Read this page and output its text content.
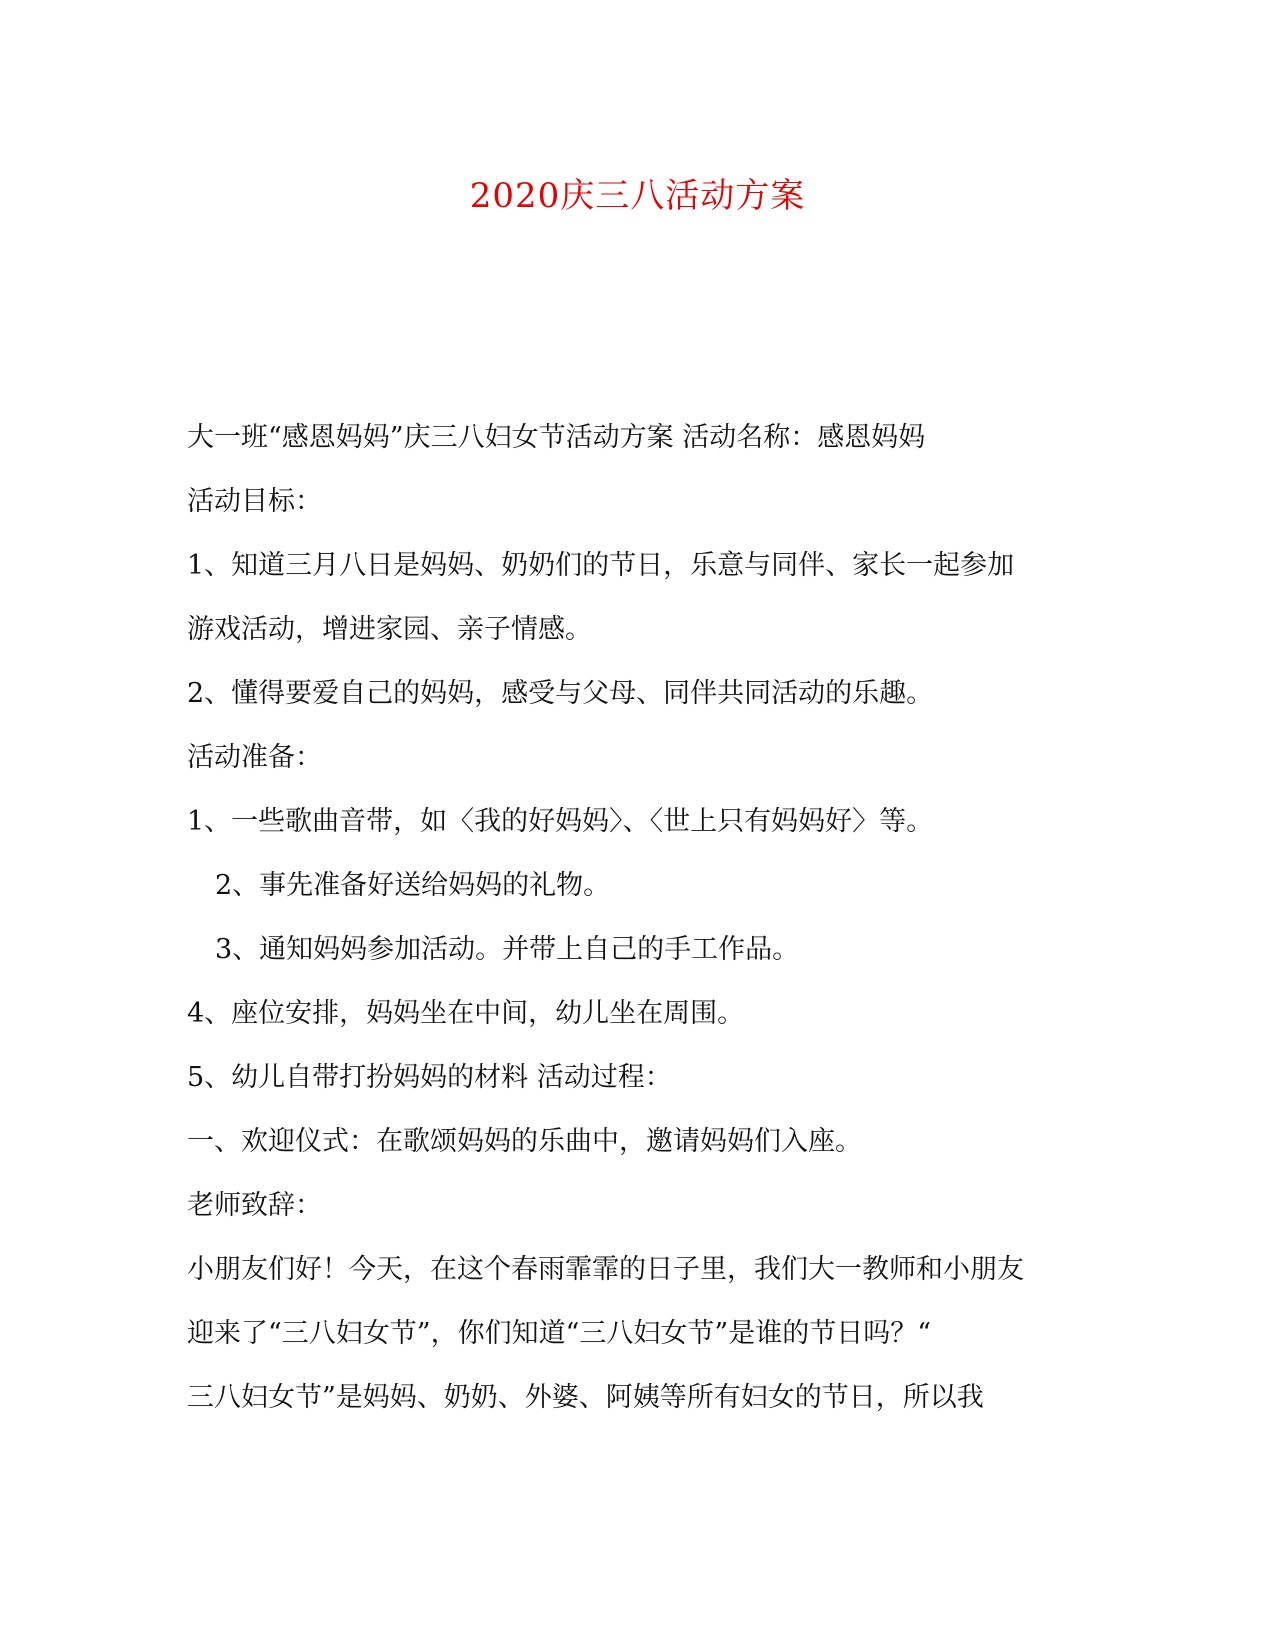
2020庆三八活动方案
大一班“感恩妈妈”庆三八妇女节活动方案 活动名称：感恩妈妈
活动目标：
1、知道三月八日是妈妈、奶奶们的节日，乐意与同伴、家长一起参加
游戏活动，增进家园、亲子情感。
2、懂得要爱自己的妈妈，感受与父母、同伴共同活动的乐趣。
活动准备：
1、一些歌曲音带，如〈我的好妈妈〉、〈世上只有妈妈好〉等。
2、事先准备好送给妈妈的礼物。
3、通知妈妈参加活动。并带上自己的手工作品。
4、座位安排，妈妈坐在中间，幼儿坐在周围。
5、幼儿自带打扮妈妈的材料 活动过程：
一、欢迎仪式：在歌颂妈妈的乐曲中，邀请妈妈们入座。
老师致辞：
小朋友们好！今天，在这个春雨霏霏的日子里，我们大一教师和小朋友
迎来了“三八妇女节”，你们知道“三八妇女节”是谁的节日吗？“
三八妇女节”是妈妈、奶奶、外婆、阿姨等所有妇女的节日，所以我
